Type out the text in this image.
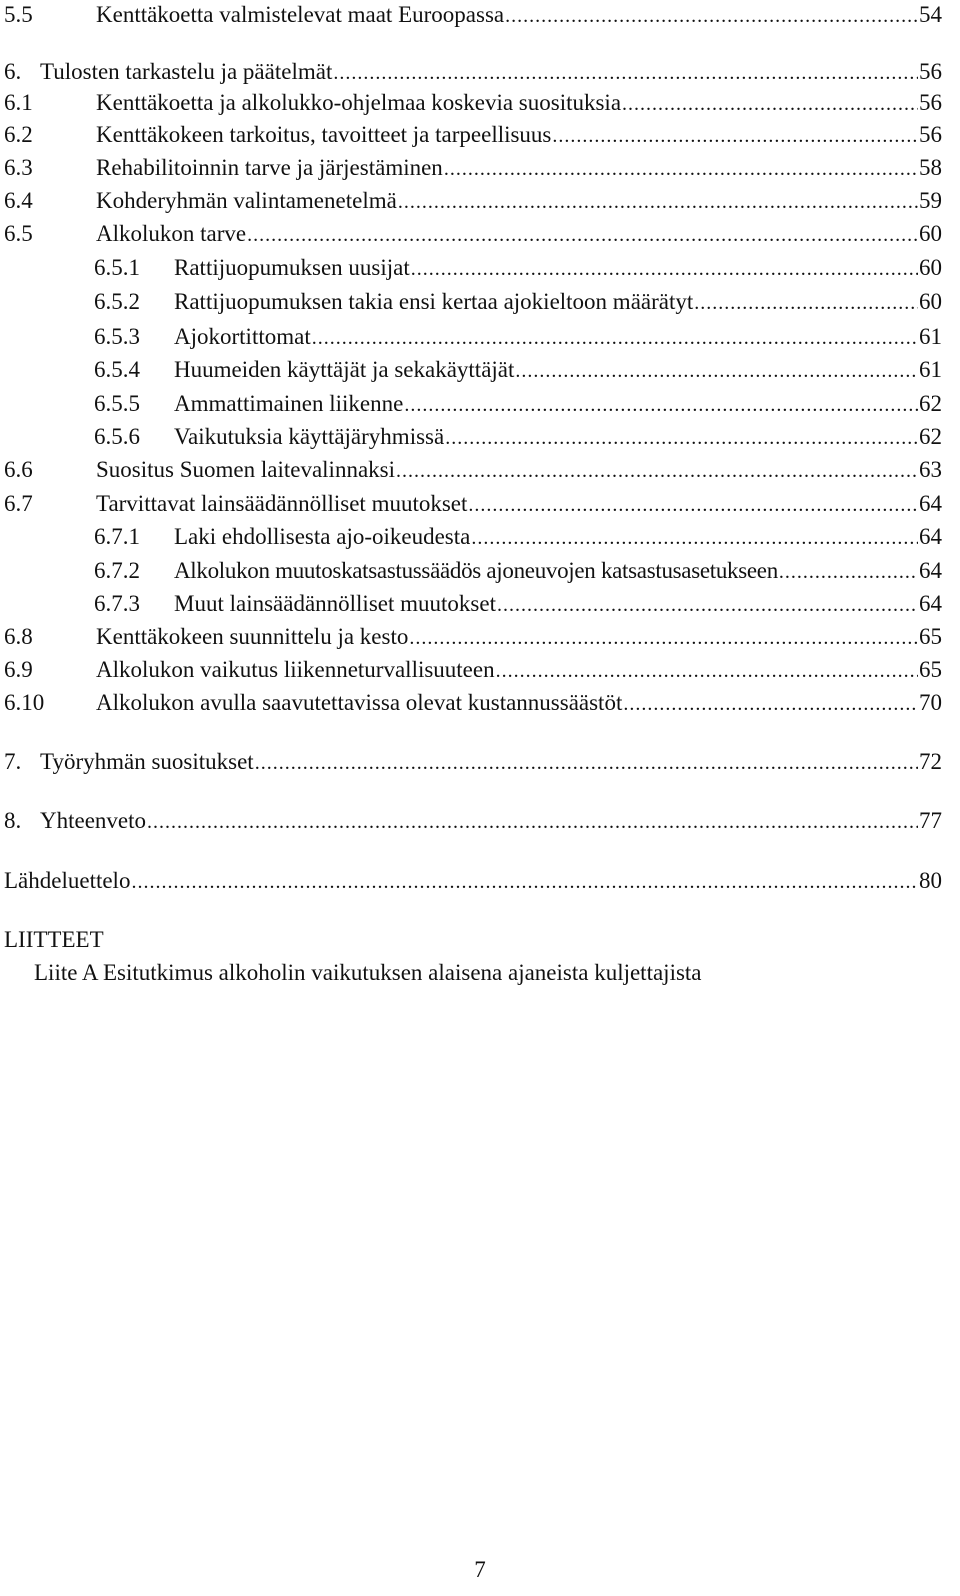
5.5	Kenttäkoetta valmistelevat maat Euroopassa .....	54
6. Tulosten tarkastelu ja päätelmät .....	56
6.1	Kenttäkoetta ja alkolukko-ohjelmaa koskevia suosituksia .....	56
6.2	Kenttäkokeen tarkoitus, tavoitteet ja tarpeellisuus .....	56
6.3	Rehabilitoinnin tarve ja järjestäminen .....	58
6.4	Kohderyhmän valintamenetelmä .....	59
6.5	Alkolukon tarve .....	60
6.5.1	Rattijuopumuksen uusijat .....	60
6.5.2	Rattijuopumuksen takia ensi kertaa ajokieltoon määrätyt .....	60
6.5.3	Ajokortittomat .....	61
6.5.4	Huumeiden käyttäjät ja sekakäyttäjät .....	61
6.5.5	Ammattimainen liikenne .....	62
6.5.6	Vaikutuksia käyttäjäryhmissä .....	62
6.6	Suositus Suomen laitevalinnaksi .....	63
6.7	Tarvittavat lainsäädännölliset muutokset .....	64
6.7.1	Laki ehdollisesta ajo-oikeudesta .....	64
6.7.2	Alkolukon muutoskatsastussäädös ajoneuvojen katsastusasetukseen .....	64
6.7.3	Muut lainsäädännölliset muutokset .....	64
6.8	Kenttäkokeen suunnittelu ja kesto .....	65
6.9	Alkolukon vaikutus liikenneturvallisuuteen .....	65
6.10	Alkolukon avulla saavutettavissa olevat kustannussäästöt .....	70
7. Työryhmän suositukset .....	72
8. Yhteenveto .....	77
Lähdeluettelo .....	80
LIITTEET
Liite A Esitutkimus alkoholin vaikutuksen alaisena ajaneista kuljettajista
7
